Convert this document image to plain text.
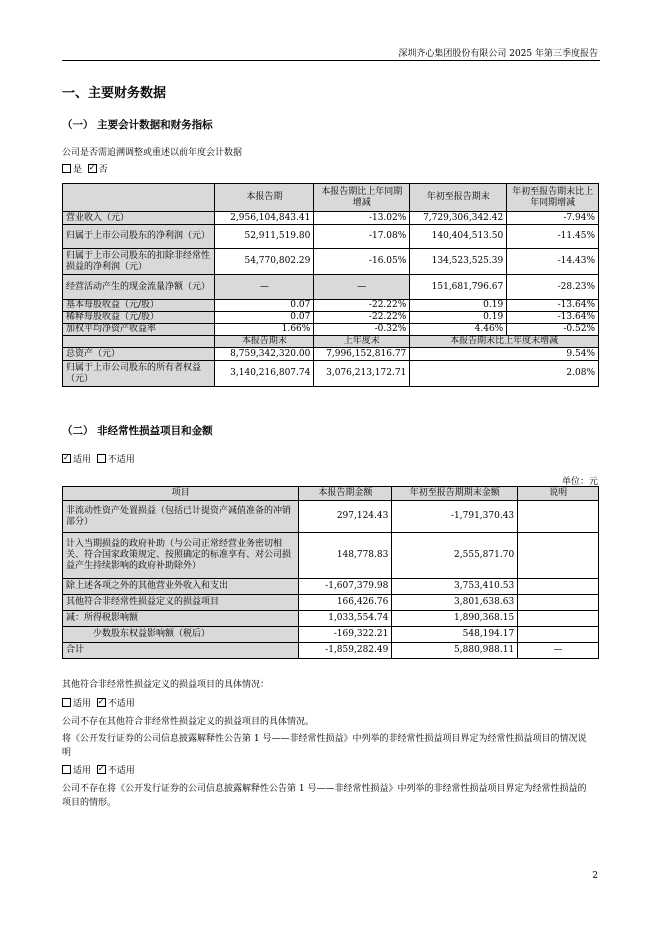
深圳齐心集团股份有限公司 2025 年第三季度报告
一、主要财务数据
（一） 主要会计数据和财务指标
公司是否需追溯调整或重述以前年度会计数据
是 ✓ 否
	本报告期	本报告期比上年同期增减	年初至报告期末	年初至报告期末比上年同期增减
营业收入（元）	2,956,104,843.41	-13.02%	7,729,306,342.42	-7.94%
归属于上市公司股东的净利润（元）	52,911,519.80	-17.08%	140,404,513.50	-11.45%
归属于上市公司股东的扣除非经常性损益的净利润（元）	54,770,802.29	-16.05%	134,523,525.39	-14.43%
经营活动产生的现金流量净额（元）	—	—	151,681,796.67	-28.23%
基本每股收益（元/股）	0.07	-22.22%	0.19	-13.64%
稀释每股收益（元/股）	0.07	-22.22%	0.19	-13.64%
加权平均净资产收益率	1.66%	-0.32%	4.46%	-0.52%
	本报告期末	上年度末	本报告期末比上年度末增减	
总资产（元）	8,759,342,320.00	7,996,152,816.77	9.54%	
归属于上市公司股东的所有者权益（元）	3,140,216,807.74	3,076,213,172.71	2.08%	
（二） 非经常性损益项目和金额
✓适用 不适用
单位：元
项目	本报告期金额	年初至报告期期末金额	说明
非流动性资产处置损益（包括已计提资产减值准备的冲销部分）	297,124.43	-1,791,370.43	
计入当期损益的政府补助（与公司正常经营业务密切相关、符合国家政策规定、按照确定的标准享有、对公司损益产生持续影响的政府补助除外）	148,778.83	2,555,871.70	
除上述各项之外的其他营业外收入和支出	-1,607,379.98	3,753,410.53	
其他符合非经常性损益定义的损益项目	166,426.76	3,801,638.63	
减：所得税影响额	1,033,554.74	1,890,368.15	
少数股东权益影响额（税后）	-169,322.21	548,194.17	
合计	-1,859,282.49	5,880,988.11	—
其他符合非经常性损益定义的损益项目的具体情况：
适用 ✓ 不适用
公司不存在其他符合非经常性损益定义的损益项目的具体情况。
将《公开发行证券的公司信息披露解释性公告第 1 号——非经常性损益》中列举的非经常性损益项目界定为经常性损益项目的情况说明
适用 ✓ 不适用
公司不存在将《公开发行证券的公司信息披露解释性公告第 1 号——非经常性损益》中列举的非经常性损益项目界定为经常性损益的项目的情形。
2
